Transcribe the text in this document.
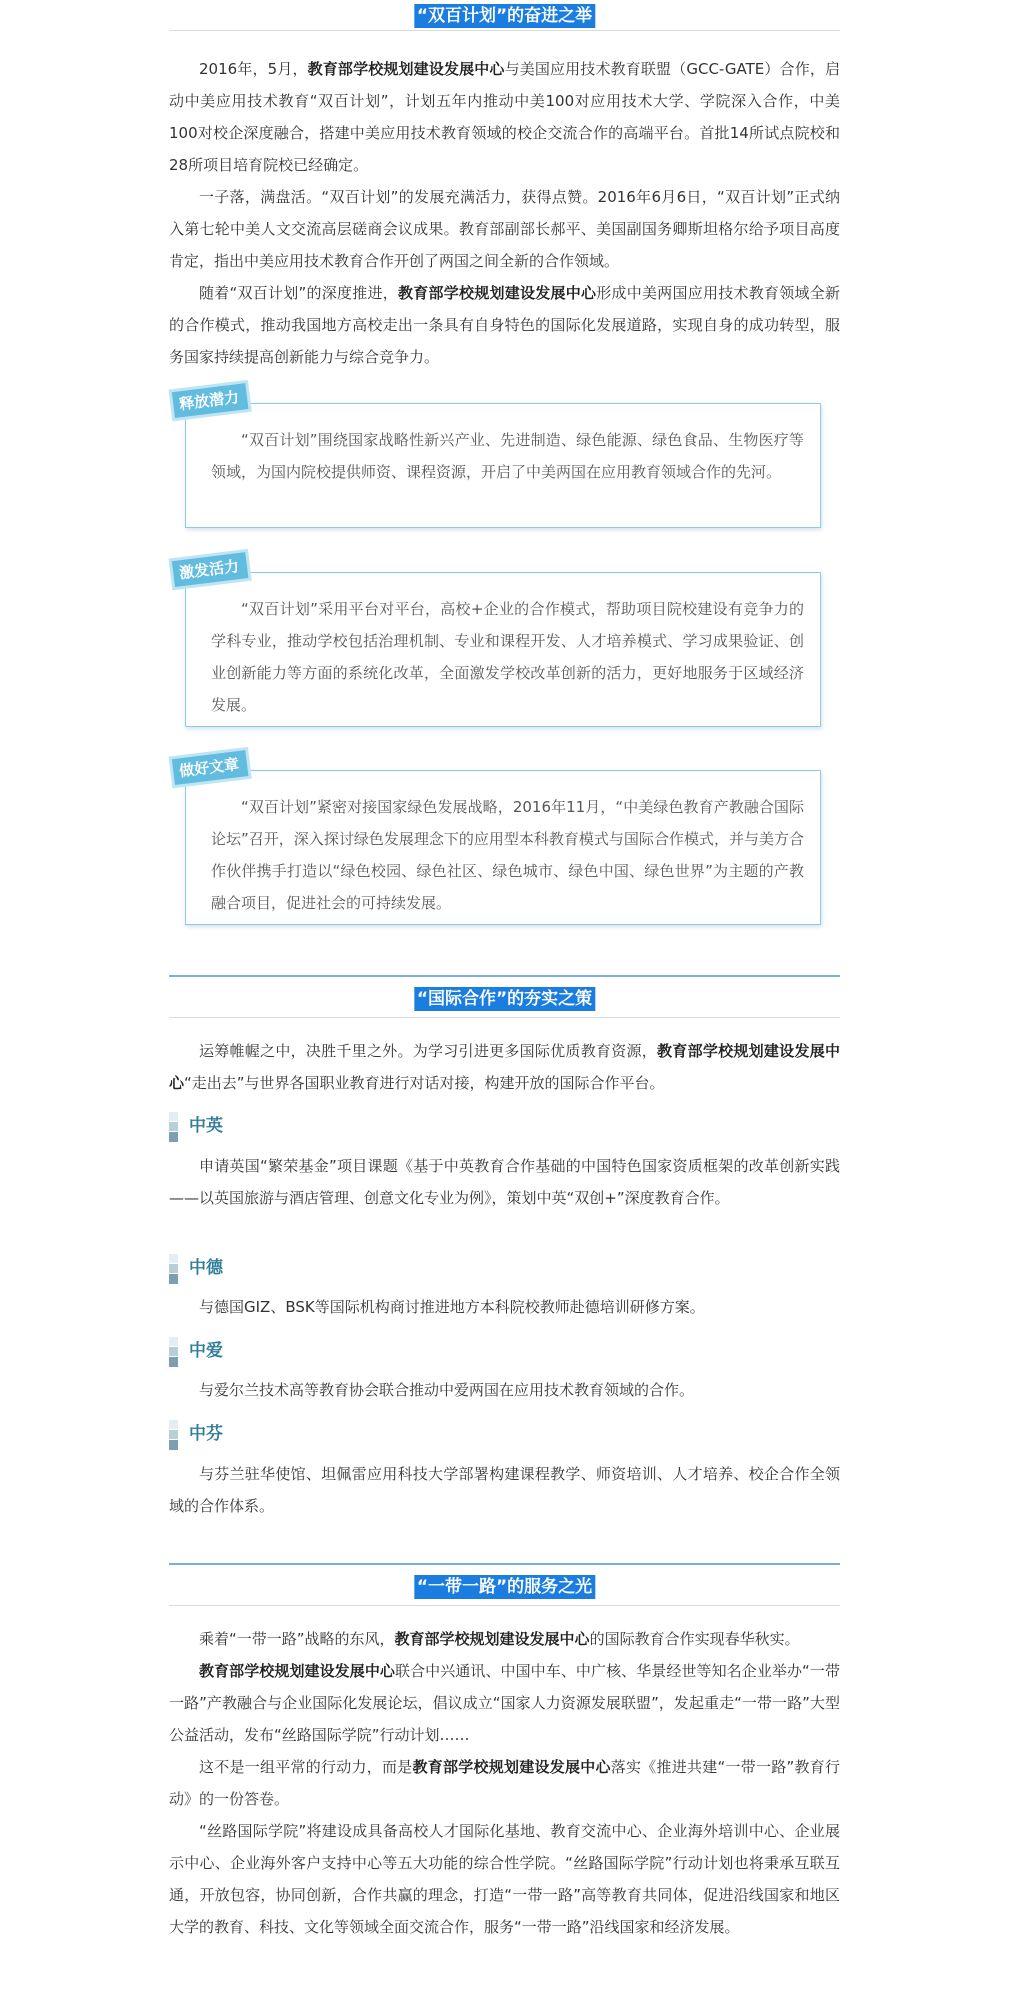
“双百计划”的奋进之举

2016年，5月，教育部学校规划建设发展中心与美国应用技术教育联盟（GCC-GATE）合作，启动中美应用技术教育“双百计划”，计划五年内推动中美100对应用技术大学、学院深入合作，中美100对校企深度融合，搭建中美应用技术教育领域的校企交流合作的高端平台。首批14所试点院校和28所项目培育院校已经确定。

一子落，满盘活。“双百计划”的发展充满活力，获得点赞。2016年6月6日，“双百计划”正式纳入第七轮中美人文交流高层磋商会议成果。教育部副部长郝平、美国副国务卿斯坦格尔给予项目高度肯定，指出中美应用技术教育合作开创了两国之间全新的合作领域。

随着“双百计划”的深度推进，教育部学校规划建设发展中心形成中美两国应用技术教育领域全新的合作模式，推动我国地方高校走出一条具有自身特色的国际化发展道路，实现自身的成功转型，服务国家持续提高创新能力与综合竞争力。

“双百计划”围绕国家战略性新兴产业、先进制造、绿色能源、绿色食品、生物医疗等领域，为国内院校提供师资、课程资源，开启了中美两国在应用教育领域合作的先河。

释放潜力

“双百计划”采用平台对平台，高校+企业的合作模式，帮助项目院校建设有竞争力的学科专业，推动学校包括治理机制、专业和课程开发、人才培养模式、学习成果验证、创业创新能力等方面的系统化改革，全面激发学校改革创新的活力，更好地服务于区域经济发展。

激发活力

“双百计划”紧密对接国家绿色发展战略，2016年11月，“中美绿色教育产教融合国际论坛”召开，深入探讨绿色发展理念下的应用型本科教育模式与国际合作模式，并与美方合作伙伴携手打造以“绿色校园、绿色社区、绿色城市、绿色中国、绿色世界”为主题的产教融合项目，促进社会的可持续发展。

做好文章
“国际合作”的夯实之策

运筹帷幄之中，决胜千里之外。为学习引进更多国际优质教育资源，教育部学校规划建设发展中心“走出去”与世界各国职业教育进行对话对接，构建开放的国际合作平台。

中英

申请英国“繁荣基金”项目课题《基于中英教育合作基础的中国特色国家资质框架的改革创新实践——以英国旅游与酒店管理、创意文化专业为例》，策划中英“双创+”深度教育合作。

中德

与德国GIZ、BSK等国际机构商讨推进地方本科院校教师赴德培训研修方案。

中爱

与爱尔兰技术高等教育协会联合推动中爱两国在应用技术教育领域的合作。

中芬

与芬兰驻华使馆、坦佩雷应用科技大学部署构建课程教学、师资培训、人才培养、校企合作全领域的合作体系。

“一带一路”的服务之光

乘着“一带一路”战略的东风，教育部学校规划建设发展中心的国际教育合作实现春华秋实。

教育部学校规划建设发展中心联合中兴通讯、中国中车、中广核、华景经世等知名企业举办“一带一路”产教融合与企业国际化发展论坛，倡议成立“国家人力资源发展联盟”，发起重走“一带一路”大型公益活动，发布“丝路国际学院”行动计划……

这不是一组平常的行动力，而是教育部学校规划建设发展中心落实《推进共建“一带一路”教育行动》的一份答卷。

“丝路国际学院”将建设成具备高校人才国际化基地、教育交流中心、企业海外培训中心、企业展示中心、企业海外客户支持中心等五大功能的综合性学院。“丝路国际学院”行动计划也将秉承互联互通，开放包容，协同创新，合作共赢的理念，打造“一带一路”高等教育共同体，促进沿线国家和地区大学的教育、科技、文化等领域全面交流合作，服务“一带一路”沿线国家和经济发展。
